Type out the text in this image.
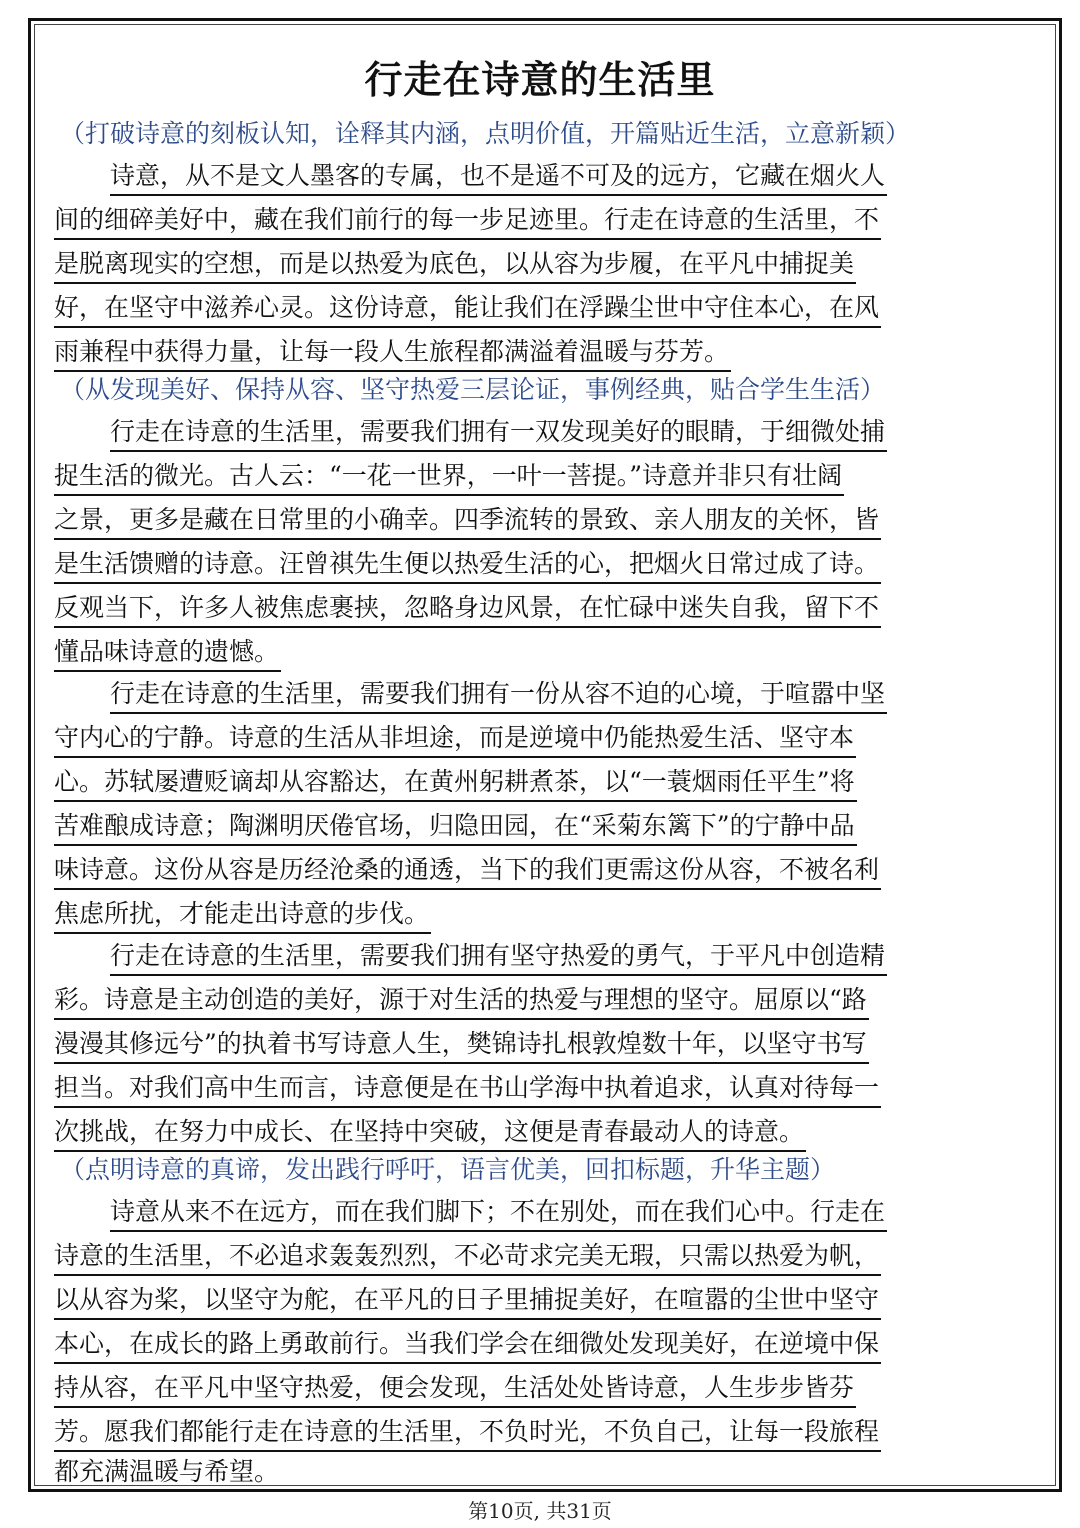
行走在诗意的生活里
（打破诗意的刻板认知，诠释其内涵，点明价值，开篇贴近生活，立意新颖）
诗意，从不是文人墨客的专属，也不是遥不可及的远方，它藏在烟火人
间的细碎美好中，藏在我们前行的每一步足迹里。行走在诗意的生活里，不
是脱离现实的空想，而是以热爱为底色，以从容为步履，在平凡中捕捉美
好，在坚守中滋养心灵。这份诗意，能让我们在浮躁尘世中守住本心，在风
雨兼程中获得力量，让每一段人生旅程都满溢着温暖与芬芳。
（从发现美好、保持从容、坚守热爱三层论证，事例经典，贴合学生生活）
行走在诗意的生活里，需要我们拥有一双发现美好的眼睛，于细微处捕
捉生活的微光。古人云：“一花一世界，一叶一菩提。”诗意并非只有壮阔
之景，更多是藏在日常里的小确幸。四季流转的景致、亲人朋友的关怀，皆
是生活馈赠的诗意。汪曾祺先生便以热爱生活的心，把烟火日常过成了诗。
反观当下，许多人被焦虑裹挟，忽略身边风景，在忙碌中迷失自我，留下不
懂品味诗意的遗憾。
行走在诗意的生活里，需要我们拥有一份从容不迫的心境，于喧嚣中坚
守内心的宁静。诗意的生活从非坦途，而是逆境中仍能热爱生活、坚守本
心。苏轼屡遭贬谪却从容豁达，在黄州躬耕煮茶，以“一蓑烟雨任平生”将
苦难酿成诗意；陶渊明厌倦官场，归隐田园，在“采菊东篱下”的宁静中品
味诗意。这份从容是历经沧桑的通透，当下的我们更需这份从容，不被名利
焦虑所扰，才能走出诗意的步伐。
行走在诗意的生活里，需要我们拥有坚守热爱的勇气，于平凡中创造精
彩。诗意是主动创造的美好，源于对生活的热爱与理想的坚守。屈原以“路
漫漫其修远兮”的执着书写诗意人生，樊锦诗扎根敦煌数十年，以坚守书写
担当。对我们高中生而言，诗意便是在书山学海中执着追求，认真对待每一
次挑战，在努力中成长、在坚持中突破，这便是青春最动人的诗意。
（点明诗意的真谛，发出践行呼吁，语言优美，回扣标题，升华主题）
诗意从来不在远方，而在我们脚下；不在别处，而在我们心中。行走在
诗意的生活里，不必追求轰轰烈烈，不必苛求完美无瑕，只需以热爱为帆，
以从容为桨，以坚守为舵，在平凡的日子里捕捉美好，在喧嚣的尘世中坚守
本心，在成长的路上勇敢前行。当我们学会在细微处发现美好，在逆境中保
持从容，在平凡中坚守热爱，便会发现，生活处处皆诗意，人生步步皆芬
芳。愿我们都能行走在诗意的生活里，不负时光，不负自己，让每一段旅程
都充满温暖与希望。
第10页, 共31页
